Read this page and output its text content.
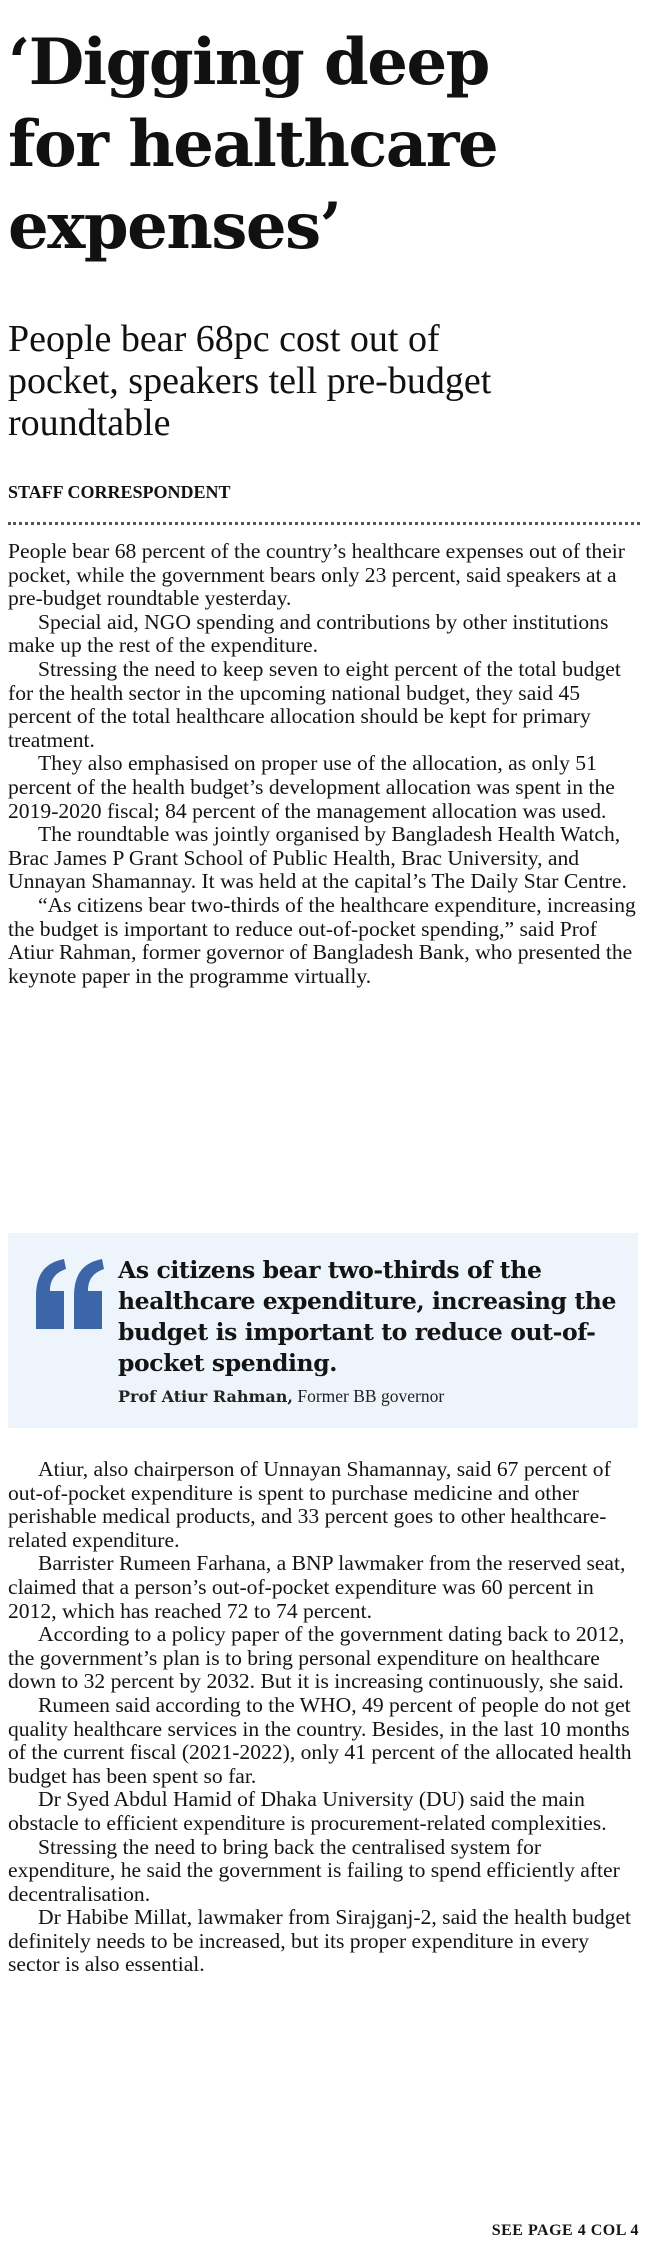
‘Digging deep
for healthcare
expenses’
People bear 68pc cost out of
pocket, speakers tell pre-budget
roundtable
STAFF CORRESPONDENT

People bear 68 percent of the country’s healthcare expenses out of their pocket, while the government bears only 23 percent, said speakers at a pre-budget roundtable yesterday.

Special aid, NGO spending and contributions by other institutions make up the rest of the expenditure.

Stressing the need to keep seven to eight percent of the total budget for the health sector in the upcoming national budget, they said 45 percent of the total healthcare allocation should be kept for primary treatment.

They also emphasised on proper use of the allocation, as only 51 percent of the health budget’s development allocation was spent in the 2019-2020 fiscal; 84 percent of the management allocation was used.

The roundtable was jointly organised by Bangladesh Health Watch, Brac James P Grant School of Public Health, Brac University, and Unnayan Shamannay. It was held at the capital’s The Daily Star Centre.

“As citizens bear two-thirds of the healthcare expenditure, increasing the budget is important to reduce out-of-pocket spending,” said Prof Atiur Rahman, former governor of Bangladesh Bank, who presented the keynote paper in the programme virtually.

As citizens bear two-thirds of the healthcare expenditure, increasing the budget is important to reduce out-of-pocket spending.

Prof Atiur Rahman, Former BB governor

Atiur, also chairperson of Unnayan Shamannay, said 67 percent of out-of-pocket expenditure is spent to purchase medicine and other perishable medical products, and 33 percent goes to other healthcare-related expenditure.

Barrister Rumeen Farhana, a BNP lawmaker from the reserved seat, claimed that a person’s out-of-pocket expenditure was 60 percent in 2012, which has reached 72 to 74 percent.

According to a policy paper of the government dating back to 2012, the government’s plan is to bring personal expenditure on healthcare down to 32 percent by 2032. But it is increasing continuously, she said.

Rumeen said according to the WHO, 49 percent of people do not get quality healthcare services in the country. Besides, in the last 10 months of the current fiscal (2021-2022), only 41 percent of the allocated health budget has been spent so far.

Dr Syed Abdul Hamid of Dhaka University (DU) said the main obstacle to efficient expenditure is procurement-related complexities.

Stressing the need to bring back the centralised system for expenditure, he said the government is failing to spend efficiently after decentralisation.

Dr Habibe Millat, lawmaker from Sirajganj-2, said the health budget definitely needs to be increased, but its proper expenditure in every sector is also essential.

SEE PAGE 4 COL 4
